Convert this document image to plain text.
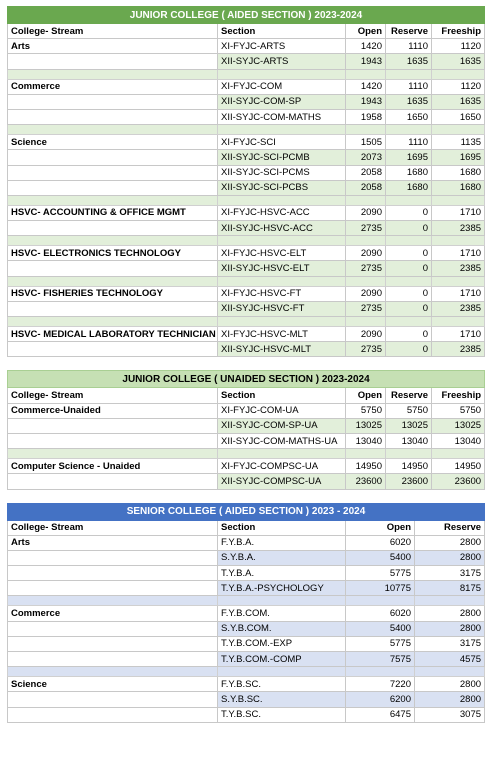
JUNIOR COLLEGE ( AIDED SECTION ) 2023-2024				
College- Stream	Section	Open	Reserve	Freeship
Arts	XI-FYJC-ARTS	1420	1110	1120
	XII-SYJC-ARTS	1943	1635	1635

Commerce	XI-FYJC-COM	1420	1110	1120
	XII-SYJC-COM-SP	1943	1635	1635
	XII-SYJC-COM-MATHS	1958	1650	1650

Science	XI-FYJC-SCI	1505	1110	1135
	XII-SYJC-SCI-PCMB	2073	1695	1695
	XII-SYJC-SCI-PCMS	2058	1680	1680
	XII-SYJC-SCI-PCBS	2058	1680	1680

HSVC- ACCOUNTING & OFFICE MGMT	XI-FYJC-HSVC-ACC	2090	0	1710
	XII-SYJC-HSVC-ACC	2735	0	2385

HSVC- ELECTRONICS TECHNOLOGY	XI-FYJC-HSVC-ELT	2090	0	1710
	XII-SYJC-HSVC-ELT	2735	0	2385

HSVC- FISHERIES TECHNOLOGY	XI-FYJC-HSVC-FT	2090	0	1710
	XII-SYJC-HSVC-FT	2735	0	2385

HSVC- MEDICAL LABORATORY TECHNICIAN	XI-FYJC-HSVC-MLT	2090	0	1710
	XII-SYJC-HSVC-MLT	2735	0	2385
JUNIOR COLLEGE ( UNAIDED SECTION ) 2023-2024				
College- Stream	Section	Open	Reserve	Freeship
Commerce-Unaided	XI-FYJC-COM-UA	5750	5750	5750
	XII-SYJC-COM-SP-UA	13025	13025	13025
	XII-SYJC-COM-MATHS-UA	13040	13040	13040

Computer Science - Unaided	XI-FYJC-COMPSC-UA	14950	14950	14950
	XII-SYJC-COMPSC-UA	23600	23600	23600
SENIOR COLLEGE ( AIDED SECTION ) 2023 - 2024			
College- Stream	Section	Open	Reserve
Arts	F.Y.B.A.	6020	2800
	S.Y.B.A.	5400	2800
	T.Y.B.A.	5775	3175
	T.Y.B.A.-PSYCHOLOGY	10775	8175

Commerce	F.Y.B.COM.	6020	2800
	S.Y.B.COM.	5400	2800
	T.Y.B.COM.-EXP	5775	3175
	T.Y.B.COM.-COMP	7575	4575

Science	F.Y.B.SC.	7220	2800
	S.Y.B.SC.	6200	2800
	T.Y.B.SC.	6475	3075
